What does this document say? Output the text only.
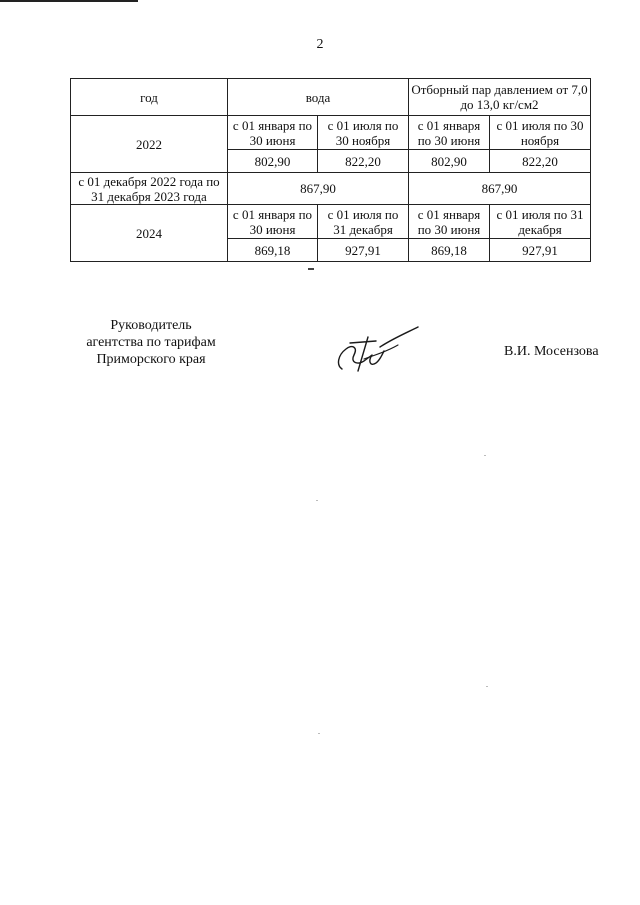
2
год	вода		Отборный пар давлением от 7,0 до 13,0 кг/см2	
2022	с 01 января по 30 июня	с 01 июля по 30 ноября	с 01 января по 30 июня	с 01 июля по 30 ноября
	802,90	822,20	802,90	822,20
с 01 декабря 2022 года по 31 декабря 2023 года	867,90		867,90	
2024	с 01 января по 30 июня	с 01 июля по 31 декабря	с 01 января по 30 июня	с 01 июля по 31 декабря
	869,18	927,91	869,18	927,91
Руководитель
агентства по тарифам
Приморского края
В.И. Мосензова
